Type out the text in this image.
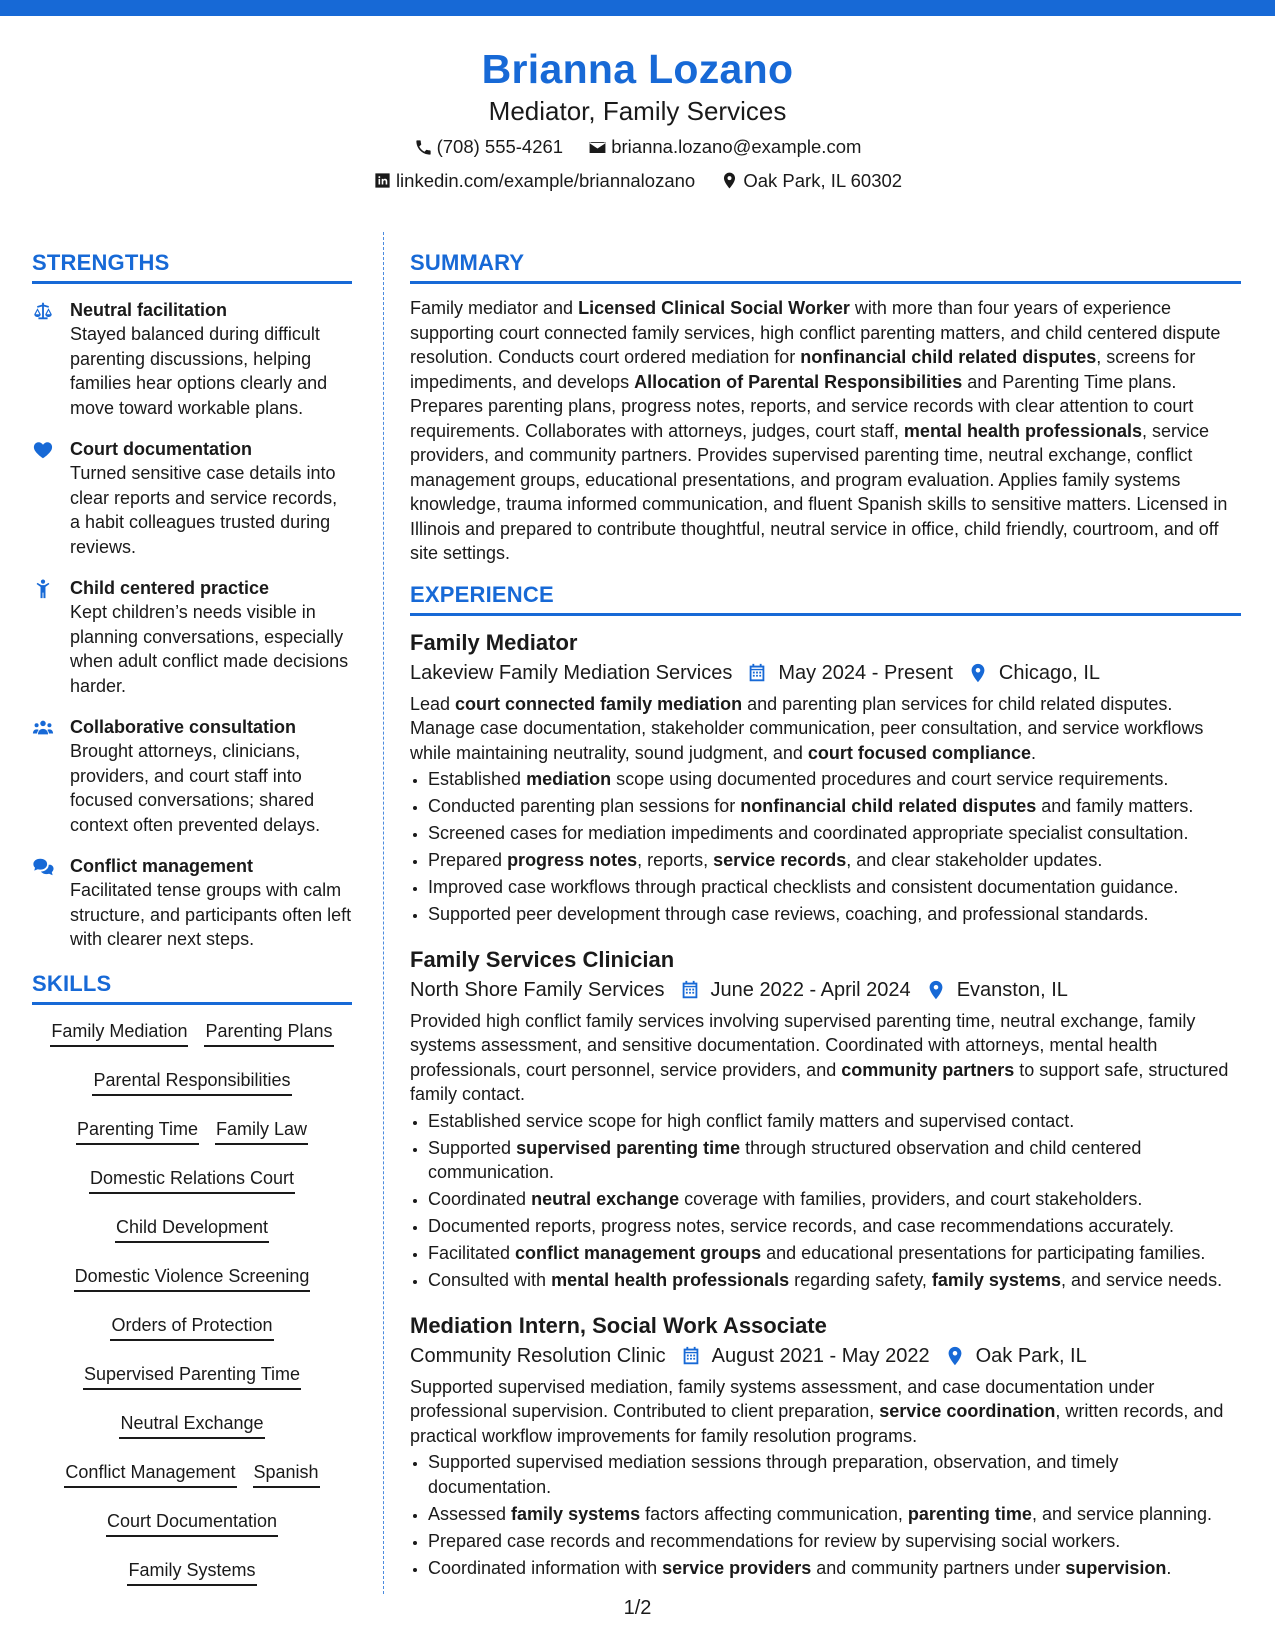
Brianna Lozano
Mediator, Family Services
(708) 555-4261
	brianna.lozano@example.com
linkedin.com/example/briannalozano
	Oak Park, IL 60302
STRENGTHS
Neutral facilitation
Stayed balanced during difficult parenting discussions, helping families hear options clearly and move toward workable plans.
Court documentation
Turned sensitive case details into clear reports and service records, a habit colleagues trusted during reviews.
Child centered practice
Kept children’s needs visible in planning conversations, especially when adult conflict made decisions harder.
Collaborative consultation
Brought attorneys, clinicians, providers, and court staff into focused conversations; shared context often prevented delays.
Conflict management
Facilitated tense groups with calm structure, and participants often left with clearer next steps.
SKILLS
Family Mediation Parenting Plans
Parental Responsibilities
Parenting Time Family Law
Domestic Relations Court
Child Development
Domestic Violence Screening
Orders of Protection
Supervised Parenting Time
Neutral Exchange
Conflict Management Spanish
Court Documentation
Family Systems
SUMMARY
Family mediator and Licensed Clinical Social Worker with more than four years of experience supporting court connected family services, high conflict parenting matters, and child centered dispute resolution. Conducts court ordered mediation for nonfinancial child related disputes, screens for impediments, and develops Allocation of Parental Responsibilities and Parenting Time plans. Prepares parenting plans, progress notes, reports, and service records with clear attention to court requirements. Collaborates with attorneys, judges, court staff, mental health professionals, service providers, and community partners. Provides supervised parenting time, neutral exchange, conflict management groups, educational presentations, and program evaluation. Applies family systems knowledge, trauma informed communication, and fluent Spanish skills to sensitive matters. Licensed in Illinois and prepared to contribute thoughtful, neutral service in office, child friendly, courtroom, and off site settings.
EXPERIENCE
Family Mediator
Lakeview Family Mediation Services May 2024 - Present Chicago, IL
Lead court connected family mediation and parenting plan services for child related disputes. Manage case documentation, stakeholder communication, peer consultation, and service workflows while maintaining neutrality, sound judgment, and court focused compliance.
• Established mediation scope using documented procedures and court service requirements.
• Conducted parenting plan sessions for nonfinancial child related disputes and family matters.
• Screened cases for mediation impediments and coordinated appropriate specialist consultation.
• Prepared progress notes, reports, service records, and clear stakeholder updates.
• Improved case workflows through practical checklists and consistent documentation guidance.
• Supported peer development through case reviews, coaching, and professional standards.
Family Services Clinician
North Shore Family Services June 2022 - April 2024 Evanston, IL
Provided high conflict family services involving supervised parenting time, neutral exchange, family systems assessment, and sensitive documentation. Coordinated with attorneys, mental health professionals, court personnel, service providers, and community partners to support safe, structured family contact.
• Established service scope for high conflict family matters and supervised contact.
• Supported supervised parenting time through structured observation and child centered communication.
• Coordinated neutral exchange coverage with families, providers, and court stakeholders.
• Documented reports, progress notes, service records, and case recommendations accurately.
• Facilitated conflict management groups and educational presentations for participating families.
• Consulted with mental health professionals regarding safety, family systems, and service needs.
Mediation Intern, Social Work Associate
Community Resolution Clinic August 2021 - May 2022 Oak Park, IL
Supported supervised mediation, family systems assessment, and case documentation under professional supervision. Contributed to client preparation, service coordination, written records, and practical workflow improvements for family resolution programs.
• Supported supervised mediation sessions through preparation, observation, and timely documentation.
• Assessed family systems factors affecting communication, parenting time, and service planning.
• Prepared case records and recommendations for review by supervising social workers.
• Coordinated information with service providers and community partners under supervision.
1/2
